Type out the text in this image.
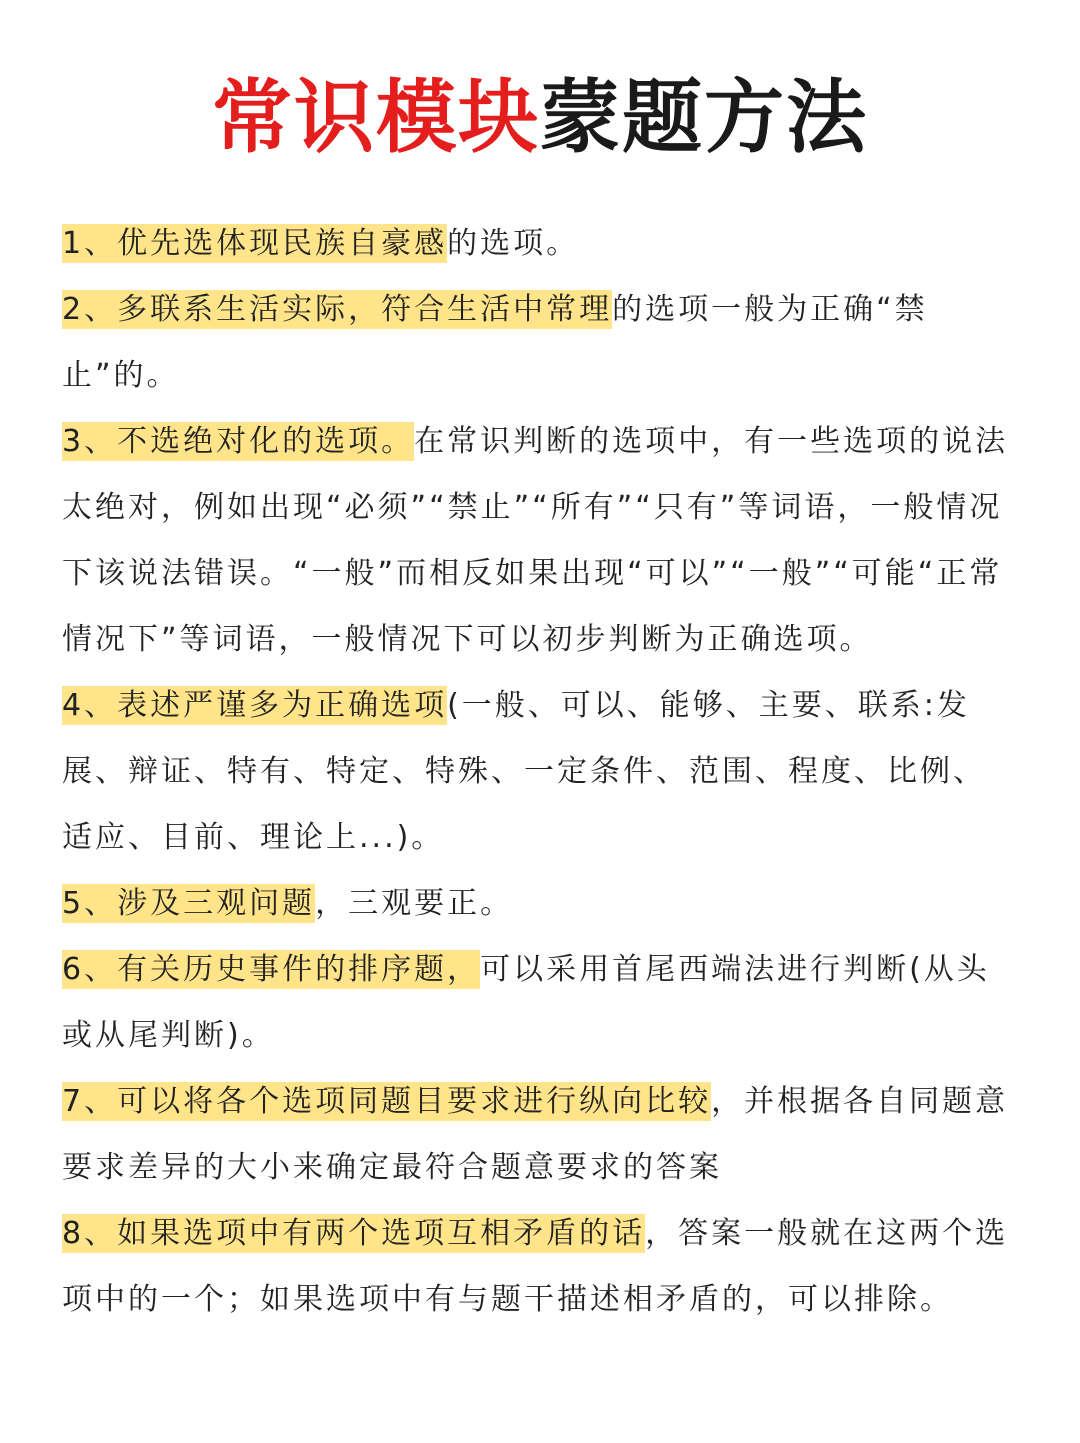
常识模块蒙题方法

1、优先选体现民族自豪感的选项。

2、多联系生活实际，符合生活中常理的选项一般为正确“禁止”的。

3、不选绝对化的选项。在常识判断的选项中，有一些选项的说法太绝对，例如出现“必须”“禁止”“所有”“只有”等词语，一般情况下该说法错误。“一般”而相反如果出现“可以”“一般”“可能“正常情况下”等词语，一般情况下可以初步判断为正确选项。

4、表述严谨多为正确选项(一般、可以、能够、主要、联系:发展、辩证、特有、特定、特殊、一定条件、范围、程度、比例、适应、目前、理论上...)。

5、涉及三观问题，三观要正。

6、有关历史事件的排序题，可以采用首尾西端法进行判断(从头或从尾判断)。

7、可以将各个选项同题目要求进行纵向比较，并根据各自同题意要求差异的大小来确定最符合题意要求的答案

8、如果选项中有两个选项互相矛盾的话，答案一般就在这两个选项中的一个；如果选项中有与题干描述相矛盾的，可以排除。
